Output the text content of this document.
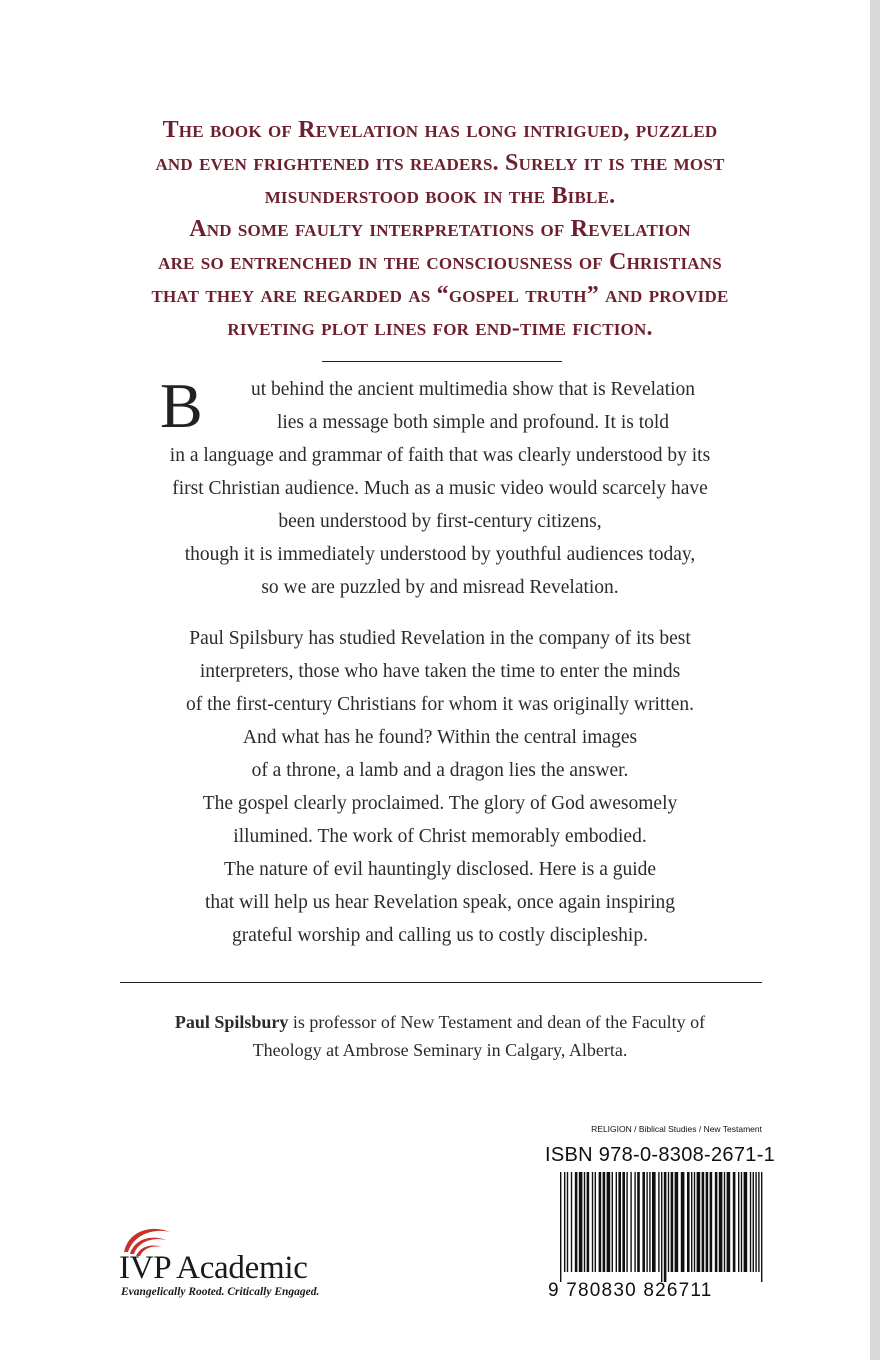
The book of Revelation has long intrigued, puzzled
and even frightened its readers. Surely it is the most
misunderstood book in the Bible.
And some faulty interpretations of Revelation
are so entrenched in the consciousness of Christians
that they are regarded as “gospel truth” and provide
riveting plot lines for end-time fiction.
B	ut behind the ancient multimedia show that is Revelation
lies a message both simple and profound. It is told
in a language and grammar of faith that was clearly understood by its
first Christian audience. Much as a music video would scarcely have
been understood by first-century citizens,
though it is immediately understood by youthful audiences today,
so we are puzzled by and misread Revelation.
Paul Spilsbury has studied Revelation in the company of its best
interpreters, those who have taken the time to enter the minds
of the first-century Christians for whom it was originally written.
And what has he found? Within the central images
of a throne, a lamb and a dragon lies the answer.
The gospel clearly proclaimed. The glory of God awesomely
illumined. The work of Christ memorably embodied.
The nature of evil hauntingly disclosed. Here is a guide
that will help us hear Revelation speak, once again inspiring
grateful worship and calling us to costly discipleship.
Paul Spilsbury is professor of New Testament and dean of the Faculty of
Theology at Ambrose Seminary in Calgary, Alberta.
RELIGION / Biblical Studies / New Testament
ISBN 978-0-8308-2671-1
9 780830 826711
IVP Academic
Evangelically Rooted. Critically Engaged.
